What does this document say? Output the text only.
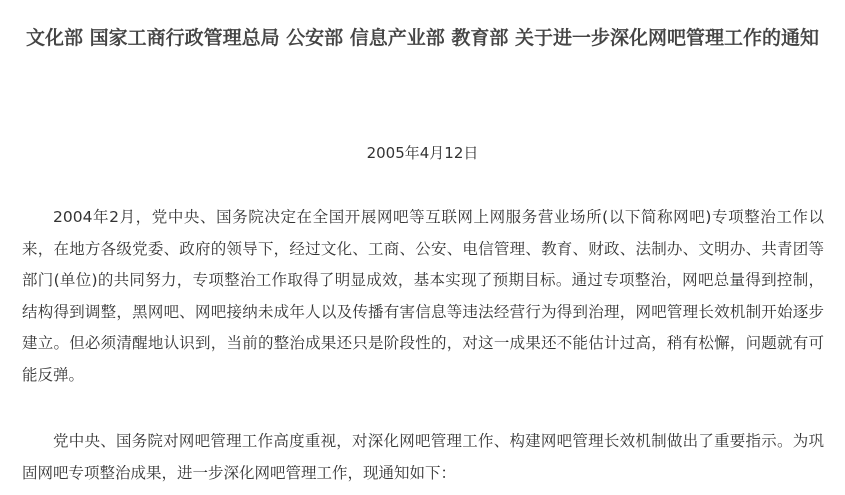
文化部 国家工商行政管理总局 公安部 信息产业部 教育部 关于进一步深化网吧管理工作的通知
2005年4月12日

2004年2月，党中央、国务院决定在全国开展网吧等互联网上网服务营业场所(以下简称网吧)专项整治工作以来，在地方各级党委、政府的领导下，经过文化、工商、公安、电信管理、教育、财政、法制办、文明办、共青团等部门(单位)的共同努力，专项整治工作取得了明显成效，基本实现了预期目标。通过专项整治，网吧总量得到控制，结构得到调整，黑网吧、网吧接纳未成年人以及传播有害信息等违法经营行为得到治理，网吧管理长效机制开始逐步建立。但必须清醒地认识到，当前的整治成果还只是阶段性的，对这一成果还不能估计过高，稍有松懈，问题就有可能反弹。

党中央、国务院对网吧管理工作高度重视，对深化网吧管理工作、构建网吧管理长效机制做出了重要指示。为巩固网吧专项整治成果，进一步深化网吧管理工作，现通知如下：
